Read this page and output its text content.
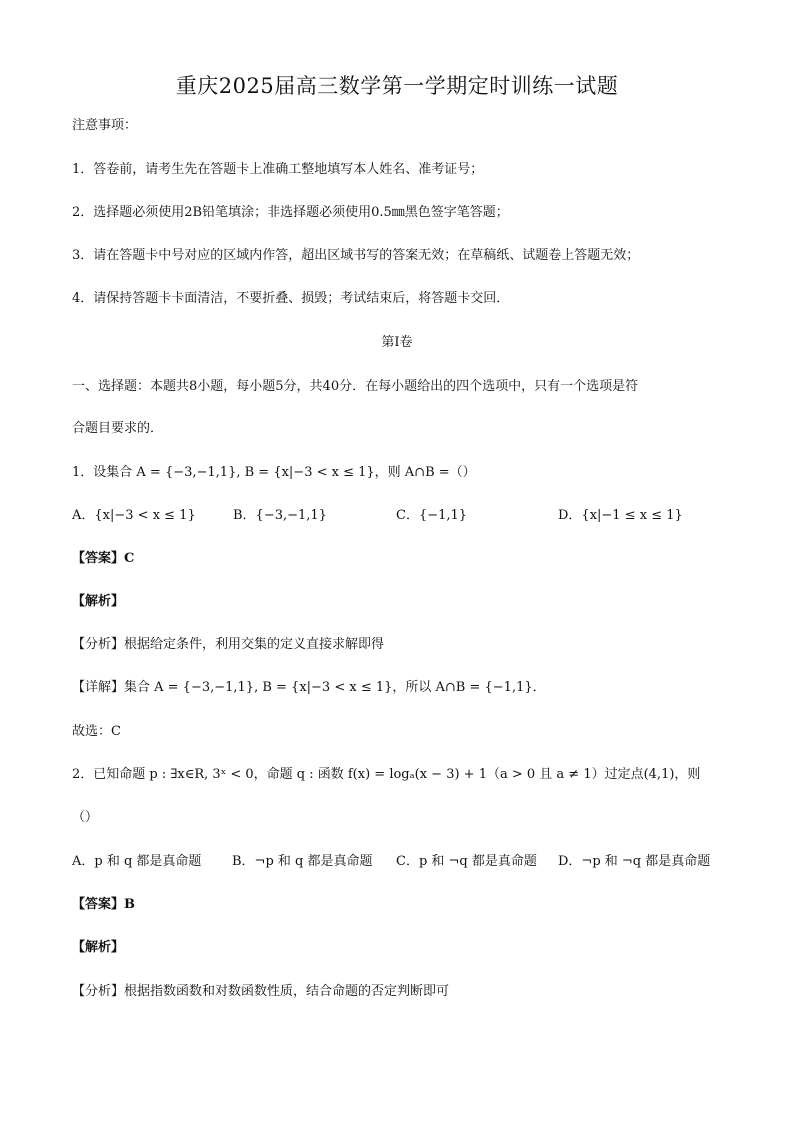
重庆2025届高三数学第一学期定时训练一试题
注意事项：
1．答卷前，请考生先在答题卡上准确工整地填写本人姓名、准考证号；
2．选择题必须使用2B铅笔填涂；非选择题必须使用0.5㎜黑色签字笔答题；
3．请在答题卡中号对应的区域内作答，超出区域书写的答案无效；在草稿纸、试题卷上答题无效；
4．请保持答题卡卡面清洁，不要折叠、损毁；考试结束后，将答题卡交回．
第I卷
一、选择题：本题共8小题，每小题5分，共40分．在每小题给出的四个选项中，只有一个选项是符
合题目要求的．
1．设集合 A = {−3,−1,1}, B = {x|−3 < x ≤ 1}，则 A∩B =（）
A．{x|−3 < x ≤ 1}	B．{−3,−1,1}	C．{−1,1}	D．{x|−1 ≤ x ≤ 1}
【答案】C
【解析】
【分析】根据给定条件，利用交集的定义直接求解即得
【详解】集合 A = {−3,−1,1}, B = {x|−3 < x ≤ 1}，所以 A∩B = {−1,1}．
故选：C
2．已知命题 p : ∃x∈R, 3ˣ < 0，命题 q : 函数 f(x) = logₐ(x − 3) + 1（a > 0 且 a ≠ 1）过定点(4,1)，则
（）
A．p 和 q 都是真命题 B．¬p 和 q 都是真命题 C．p 和 ¬q 都是真命题 D．¬p 和 ¬q 都是真命题
【答案】B
【解析】
【分析】根据指数函数和对数函数性质，结合命题的否定判断即可
